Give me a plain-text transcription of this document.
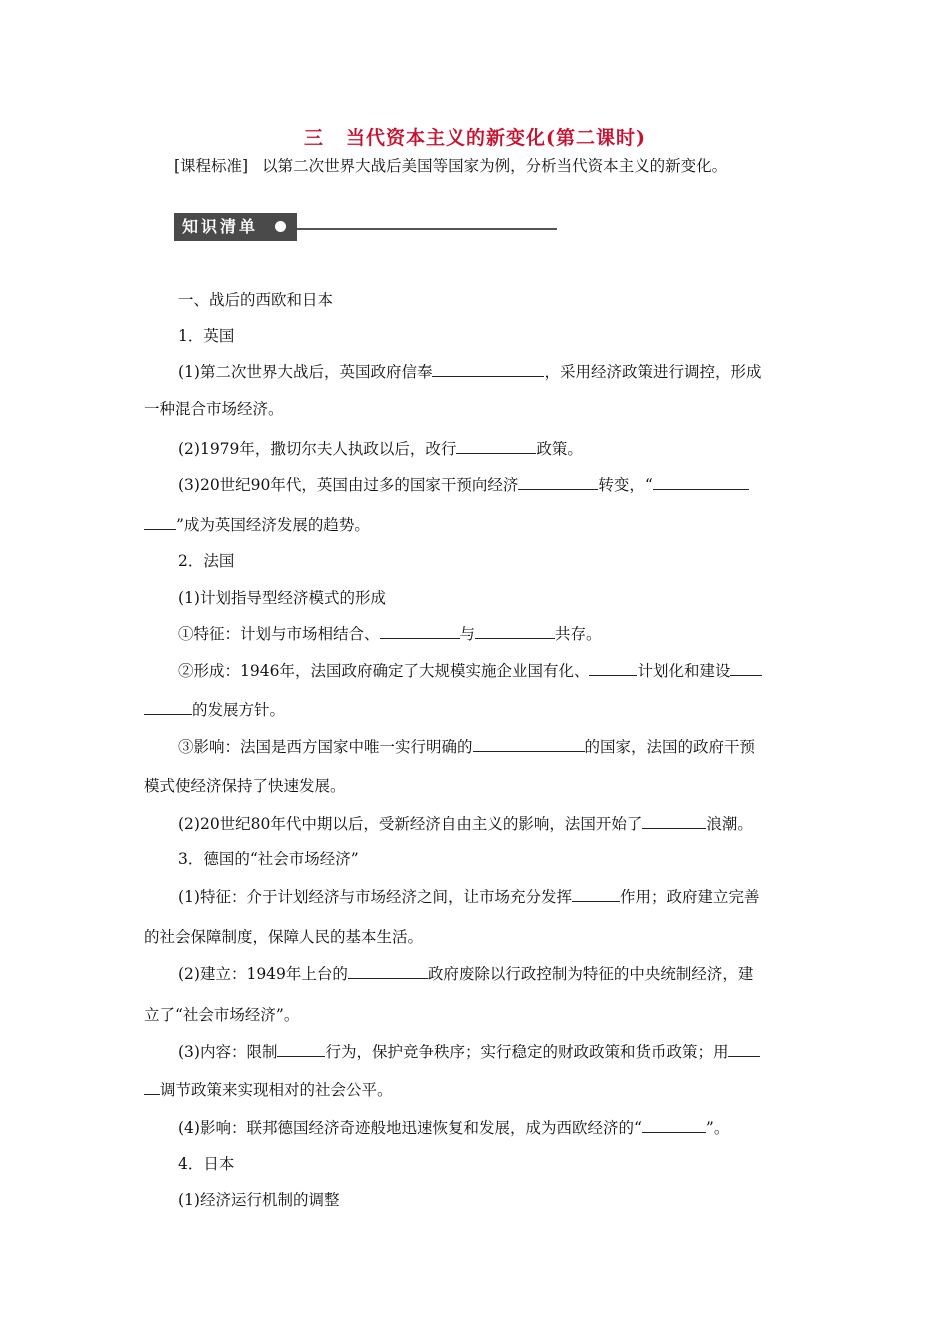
三 当代资本主义的新变化(第二课时)
[课程标准] 以第二次世界大战后美国等国家为例，分析当代资本主义的新变化。
知识清单
一、战后的西欧和日本
1．英国
(1)第二次世界大战后，英国政府信奉	，采用经济政策进行调控，形成
一种混合市场经济。
(2)1979年，撒切尔夫人执政以后，改行	政策。
(3)20世纪90年代，英国由过多的国家干预向经济	转变，“
”成为英国经济发展的趋势。
2．法国
(1)计划指导型经济模式的形成
①特征：计划与市场相结合、	与	共存。
②形成：1946年，法国政府确定了大规模实施企业国有化、	计划化和建设
的发展方针。
③影响：法国是西方国家中唯一实行明确的	的国家，法国的政府干预
模式使经济保持了快速发展。
(2)20世纪80年代中期以后，受新经济自由主义的影响，法国开始了	浪潮。
3．德国的“社会市场经济”
(1)特征：介于计划经济与市场经济之间，让市场充分发挥	作用；政府建立完善
的社会保障制度，保障人民的基本生活。
(2)建立：1949年上台的	政府废除以行政控制为特征的中央统制经济，建
立了“社会市场经济”。
(3)内容：限制	行为，保护竞争秩序；实行稳定的财政政策和货币政策；用
调节政策来实现相对的社会公平。
(4)影响：联邦德国经济奇迹般地迅速恢复和发展，成为西欧经济的“	”。
4．日本
(1)经济运行机制的调整
